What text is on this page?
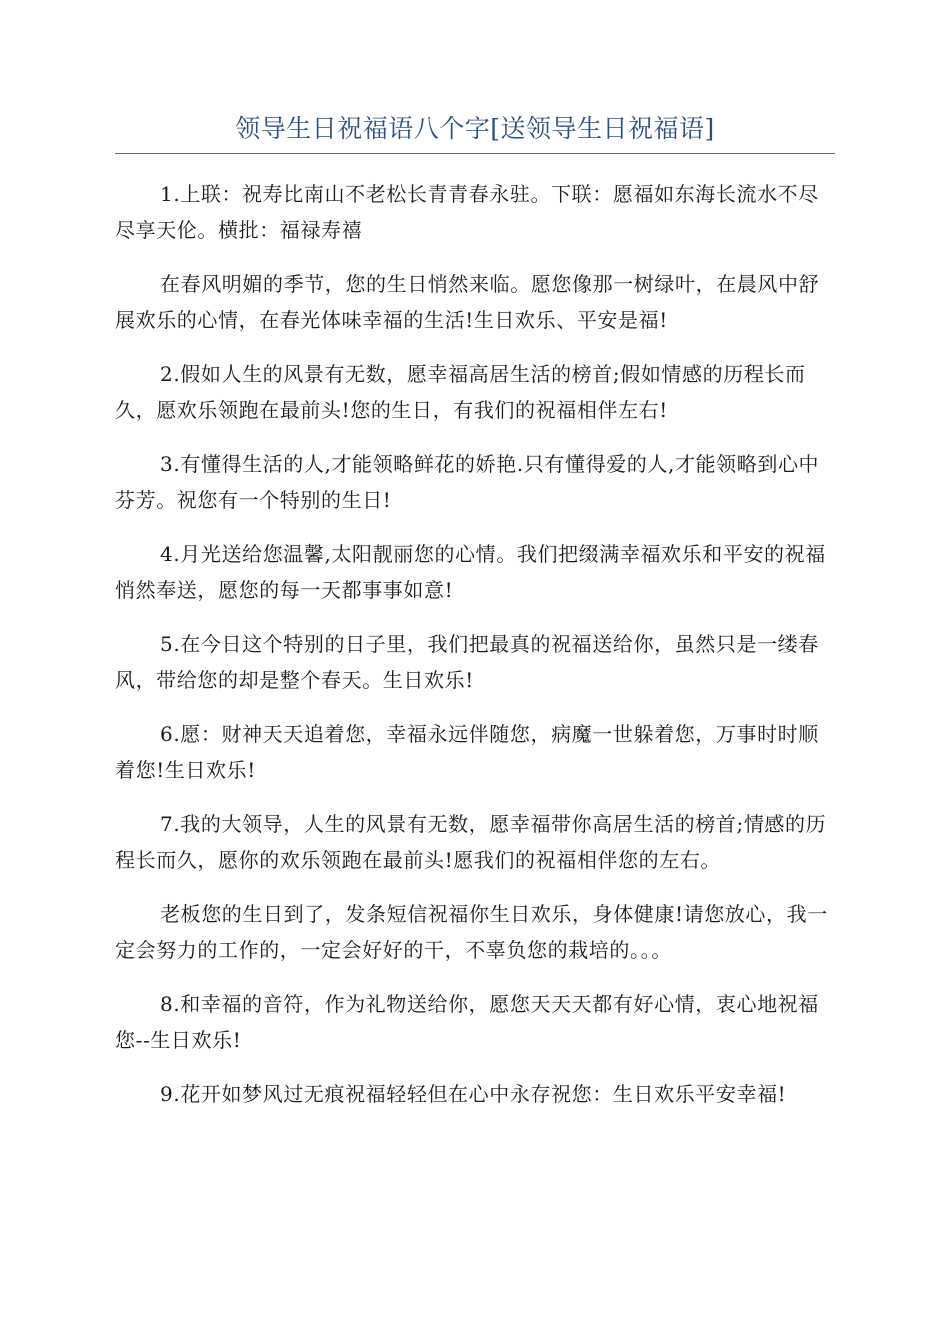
领导生日祝福语八个字[送领导生日祝福语]

1.上联：祝寿比南山不老松长青青春永驻。下联：愿福如东海长流水不尽尽享天伦。横批：福禄寿禧

在春风明媚的季节，您的生日悄然来临。愿您像那一树绿叶，在晨风中舒展欢乐的心情，在春光体味幸福的生活!生日欢乐、平安是福!

2.假如人生的风景有无数，愿幸福高居生活的榜首;假如情感的历程长而久，愿欢乐领跑在最前头!您的生日，有我们的祝福相伴左右!

3.有懂得生活的人,才能领略鲜花的娇艳.只有懂得爱的人,才能领略到心中芬芳。祝您有一个特别的生日!

4.月光送给您温馨,太阳靓丽您的心情。我们把缀满幸福欢乐和平安的祝福悄然奉送，愿您的每一天都事事如意!

5.在今日这个特别的日子里，我们把最真的祝福送给你，虽然只是一缕春风，带给您的却是整个春天。生日欢乐!

6.愿：财神天天追着您，幸福永远伴随您，病魔一世躲着您，万事时时顺着您!生日欢乐!

7.我的大领导，人生的风景有无数，愿幸福带你高居生活的榜首;情感的历程长而久，愿你的欢乐领跑在最前头!愿我们的祝福相伴您的左右。

老板您的生日到了，发条短信祝福你生日欢乐，身体健康!请您放心，我一定会努力的工作的，一定会好好的干，不辜负您的栽培的。。。

8.和幸福的音符，作为礼物送给你，愿您天天天都有好心情，衷心地祝福您--生日欢乐!

9.花开如梦风过无痕祝福轻轻但在心中永存祝您：生日欢乐平安幸福!
